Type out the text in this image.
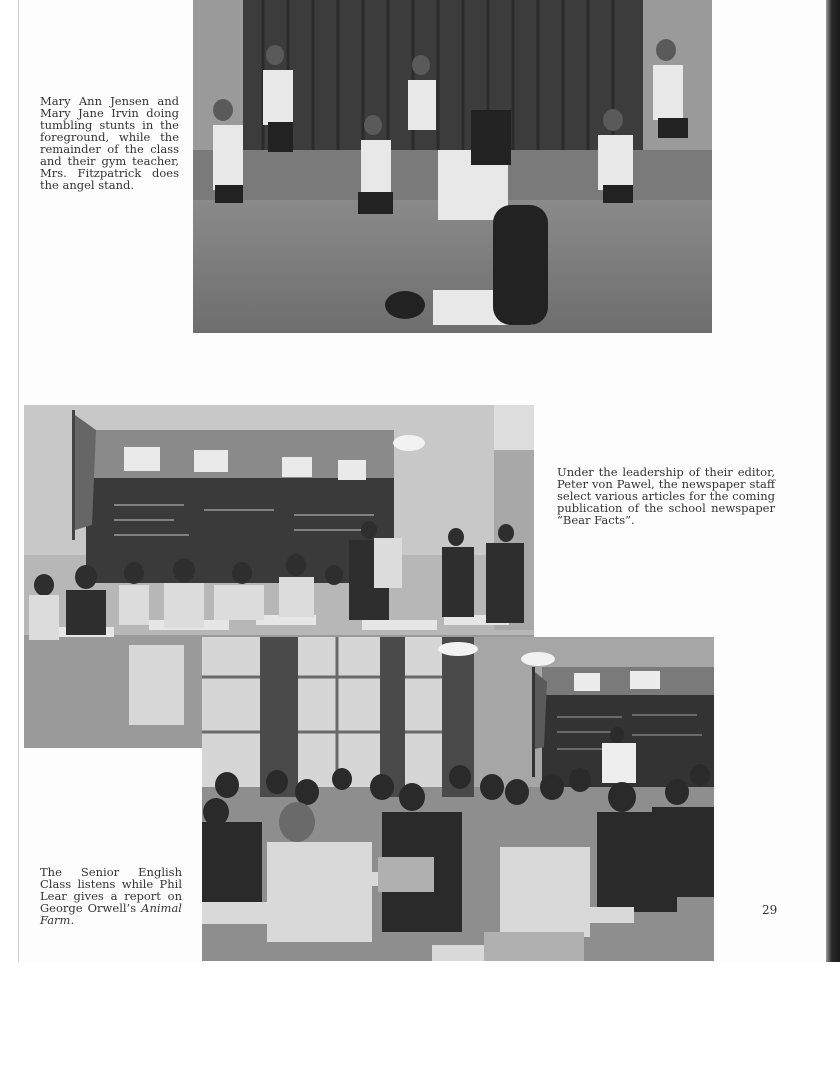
Mary Ann Jensen and Mary Jane Irvin doing tumbling stunts in the foreground, while the remainder of the class and their gym teacher, Mrs. Fitzpatrick does the angel stand.

Under the leadership of their editor, Peter von Pawel, the newspaper staff select various articles for the coming publication of the school newspaper “Bear Facts”.

The Senior English Class listens while Phil Lear gives a report on George Orwell’s Animal Farm.

29
